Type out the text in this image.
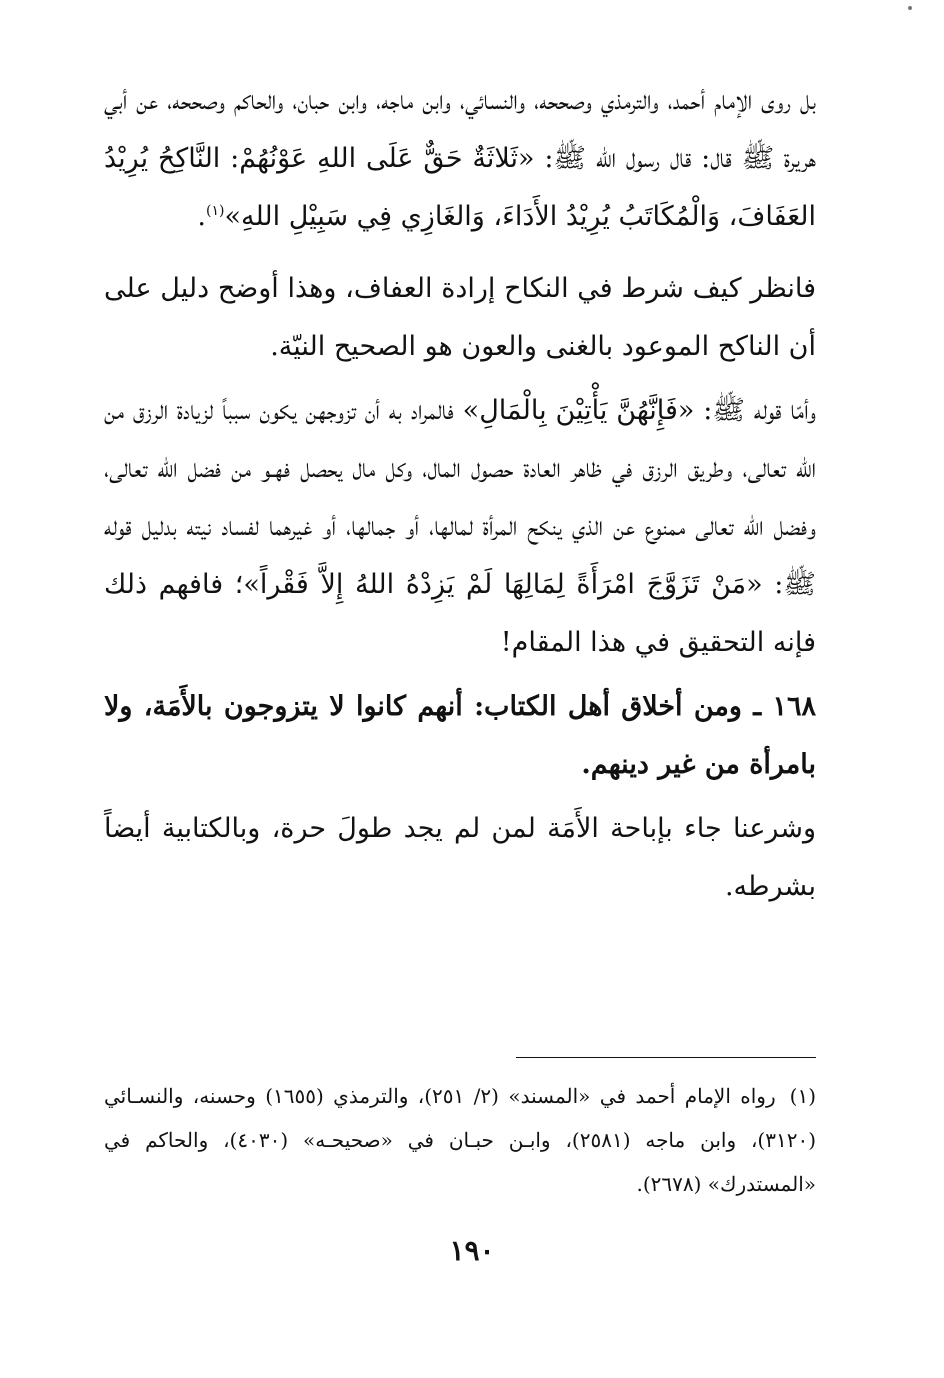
بل روى الإمام أحمد، والترمذي وصححه، والنسائي، وابن ماجه، وابن حبان، والحاكم وصححه، عن أبي هريرة ﷺ قال: قال رسول الله ﷺ: «ثَلاثَةٌ حَقٌّ عَلَى اللهِ عَوْنُهُمْ: النَّاكِحُ يُرِيْدُ العَفَافَ، وَالْمُكَاتَبُ يُرِيْدُ الأَدَاءَ، وَالغَازِي فِي سَبِيْلِ اللهِ»$^{(١)}$.

فانظر كيف شرط في النكاح إرادة العفاف، وهذا أوضح دليل على أن الناكح الموعود بالغنى والعون هو الصحيح النيّة.

وأمّا قوله ﷺ: «فَإِنَّهُنَّ يَأْتِيْنَ بِالْمَالِ» فالمراد به أن تزوجهن يكون سبباً لزيادة الرزق من الله تعالى، وطريق الرزق في ظاهر العادة حصول المال، وكل مال يحصل فهـو من فضل الله تعالى، وفضل الله تعالى ممنوع عن الذي ينكح المرأة لمالها، أو جمالها، أو غيرهما لفساد نيته بدليل قوله ﷺ: «مَنْ تَزَوَّجَ امْرَأَةً لِمَالِهَا لَمْ يَزِدْهُ اللهُ إِلاَّ فَقْراً»؛ فافهم ذلك فإنه التحقيق في هذا المقام!

١٦٨ ـ ومن أخلاق أهل الكتاب: أنهم كانوا لا يتزوجون بالأَمَة، ولا بامرأة من غير دينهم.

وشرعنا جاء بإباحة الأَمَة لمن لم يجد طولَ حرة، وبالكتابية أيضاً بشرطه.

(١)رواه الإمام أحمد في «المسند» (٢/ ٢٥١)، والترمذي (١٦٥٥) وحسنه، والنسـائي (٣١٢٠)، وابن ماجه (٢٥٨١)، وابـن حبـان في «صحيحـه» (٤٠٣٠)، والحاكم في «المستدرك» (٢٦٧٨).
١٩٠
